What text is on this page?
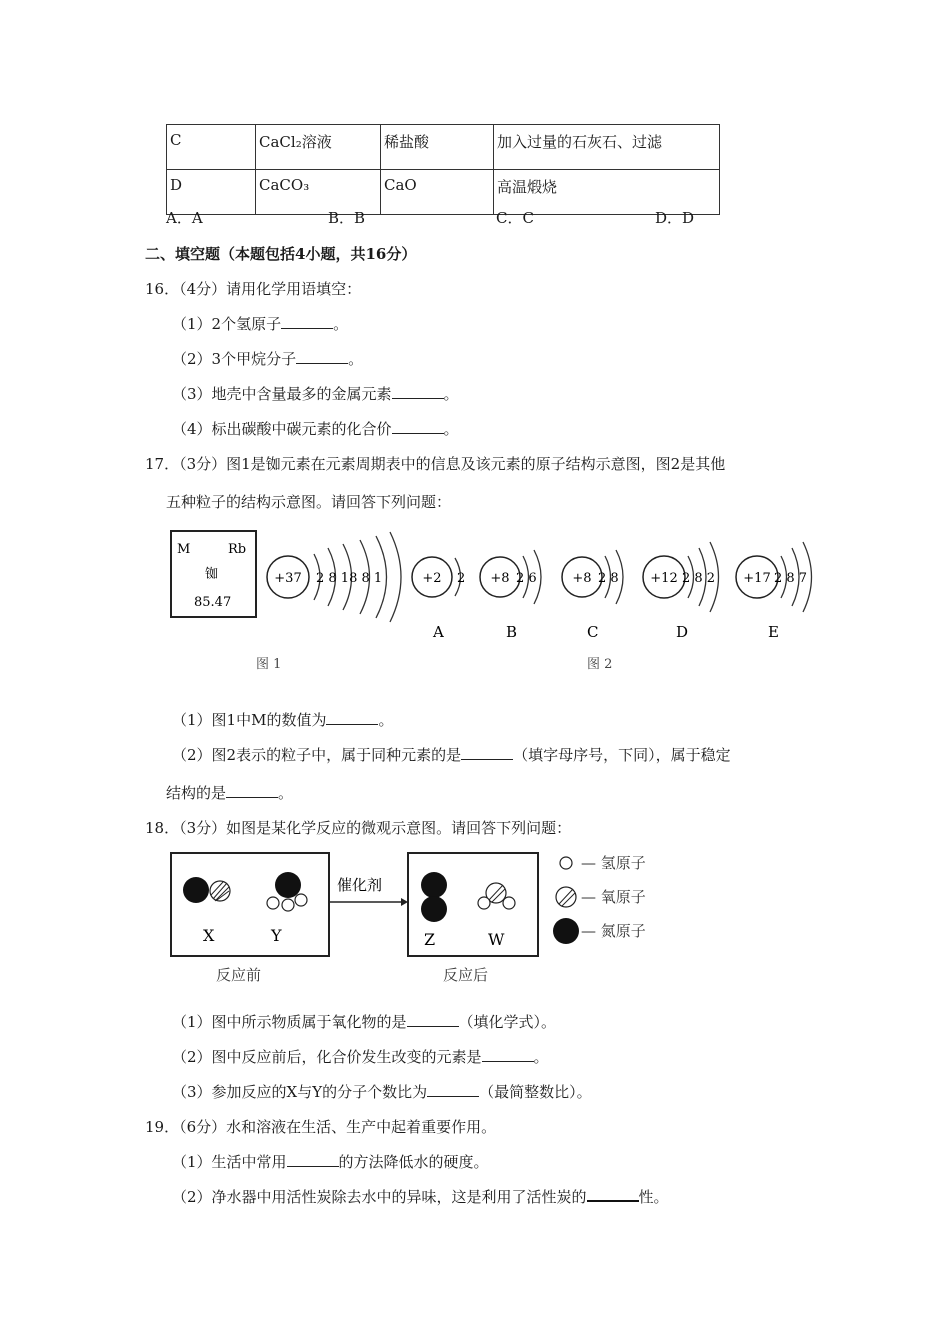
C	CaCl₂溶液	稀盐酸	加入过量的石灰石、过滤
D	CaCO₃	CaO	高温煅烧
A．A	B．B	C．C	D．D
二、填空题（本题包括4小题，共16分）
16．（4分）请用化学用语填空：
（1）2个氢原子	。
（2）3个甲烷分子	。
（3）地壳中含量最多的金属元素	。
（4）标出碳酸中碳元素的化合价	。
17．（3分）图1是铷元素在元素周期表中的信息及该元素的原子结构示意图，图2是其他
五种粒子的结构示意图。请回答下列问题：
M	Rb
铷
85.47
+37 2 8 18 8 1	+2 2 +8 2 6	+8 2 8 +12 2 8 2 +17 2 8 7
A	B	C	D	E
图 1	图 2
（1）图1中M的数值为	。
（2）图2表示的粒子中，属于同种元素的是	（填字母序号，下同），属于稳定
结构的是	。
18．（3分）如图是某化学反应的微观示意图。请回答下列问题：
X	Y
催化剂
Z	W
反应前	反应后
— 氢原子
— 氧原子
— 氮原子
（1）图中所示物质属于氧化物的是	（填化学式）。
（2）图中反应前后，化合价发生改变的元素是	。
（3）参加反应的X与Y的分子个数比为	（最简整数比）。
19．（6分）水和溶液在生活、生产中起着重要作用。
（1）生活中常用	的方法降低水的硬度。
（2）净水器中用活性炭除去水中的异味，这是利用了活性炭的	性。
